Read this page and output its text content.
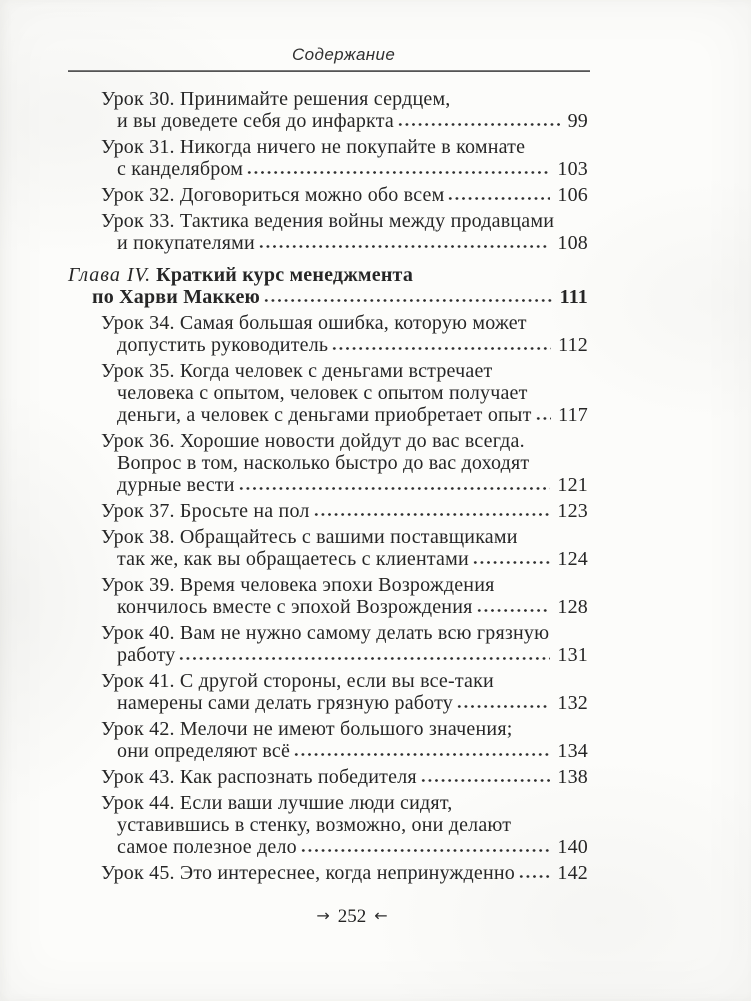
Содержание
Урок 30. Принимайте решения сердцем,
и вы доведете себя до инфаркта	99
Урок 31. Никогда ничего не покупайте в комнате
с канделябром	103
Урок 32. Договориться можно обо всем	106
Урок 33. Тактика ведения войны между продавцами
и покупателями	108
Глава IV. Краткий курс менеджмента
по Харви Маккею	111
Урок 34. Самая большая ошибка, которую может
допустить руководитель	112
Урок 35. Когда человек с деньгами встречает
человека с опытом, человек с опытом получает
деньги, а человек с деньгами приобретает опыт	117
Урок 36. Хорошие новости дойдут до вас всегда.
Вопрос в том, насколько быстро до вас доходят
дурные вести	121
Урок 37. Бросьте на пол	123
Урок 38. Обращайтесь с вашими поставщиками
так же, как вы обращаетесь с клиентами	124
Урок 39. Время человека эпохи Возрождения
кончилось вместе с эпохой Возрождения	128
Урок 40. Вам не нужно самому делать всю грязную
работу	131
Урок 41. С другой стороны, если вы все-таки
намерены сами делать грязную работу	132
Урок 42. Мелочи не имеют большого значения;
они определяют всё	134
Урок 43. Как распознать победителя	138
Урок 44. Если ваши лучшие люди сидят,
уставившись в стенку, возможно, они делают
самое полезное дело	140
Урок 45. Это интереснее, когда непринужденно	142
→ 252 ←
